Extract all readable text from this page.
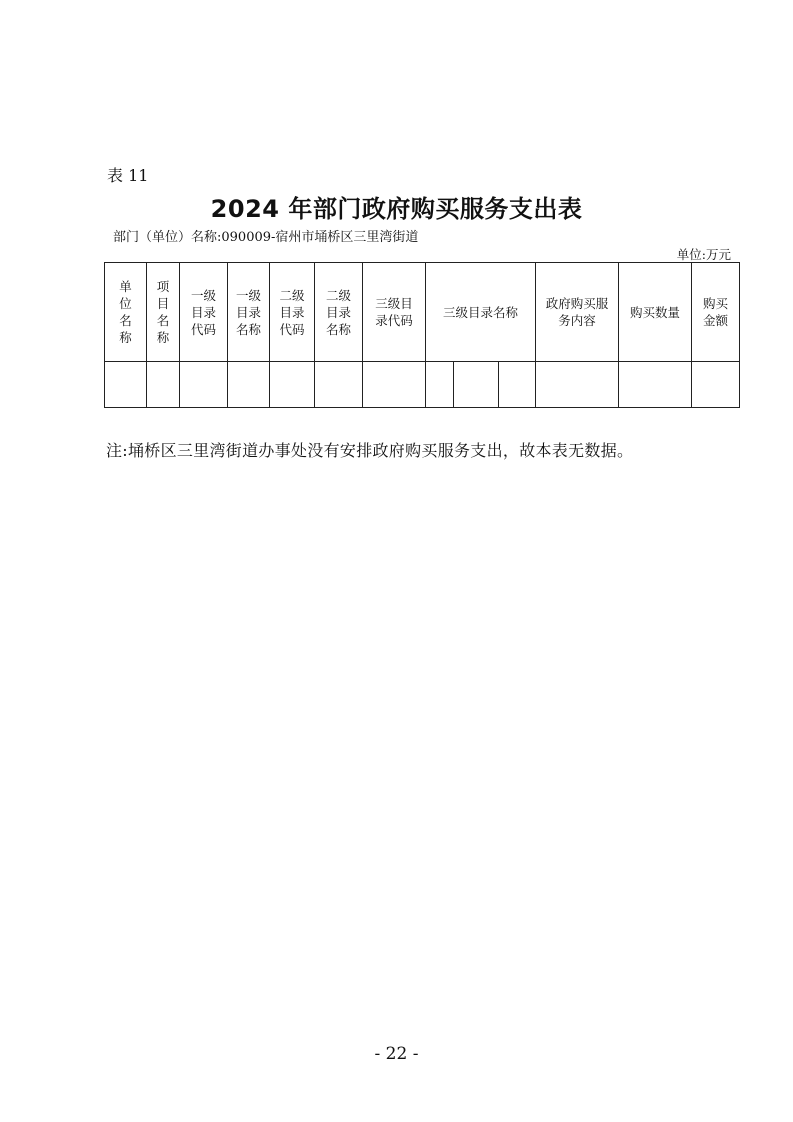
表 11
2024 年部门政府购买服务支出表
部门（单位）名称:090009-宿州市埇桥区三里湾街道
单位:万元
单位名称	项目名称	一级目录代码	一级目录名称	二级目录代码	二级目录名称	三级目录代码	三级目录名称			政府购买服务内容	购买数量	购买金额

注:埇桥区三里湾街道办事处没有安排政府购买服务支出，故本表无数据。
- 22 -
